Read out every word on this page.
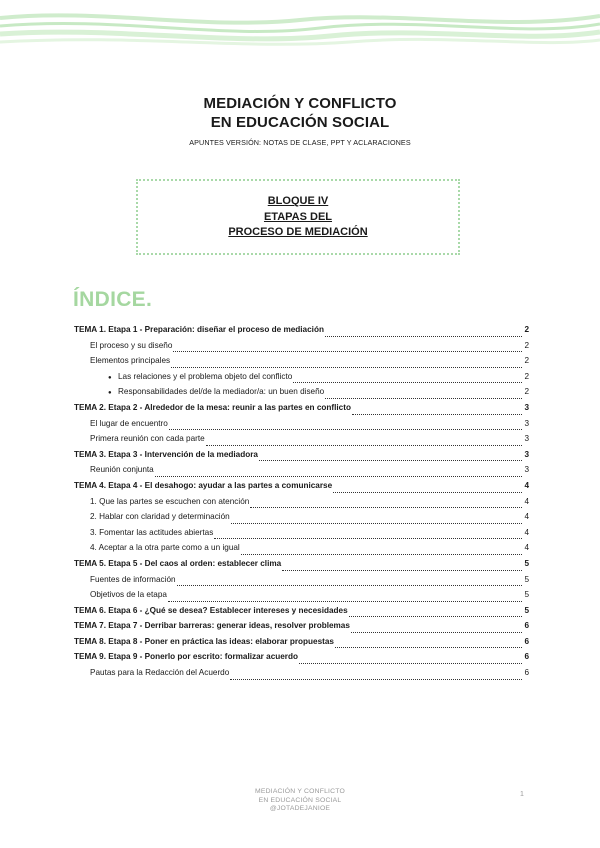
MEDIACIÓN Y CONFLICTO
EN EDUCACIÓN SOCIAL
APUNTES VERSIÓN: NOTAS DE CLASE, PPT Y ACLARACIONES
BLOQUE IV
ETAPAS DEL
PROCESO DE MEDIACIÓN
ÍNDICE.
TEMA 1. Etapa 1 - Preparación: diseñar el proceso de mediación	2
El proceso y su diseño	2
Elementos principales	2
● Las relaciones y el problema objeto del conflicto	2
● Responsabilidades del/de la mediador/a: un buen diseño	2
TEMA 2. Etapa 2 - Alrededor de la mesa: reunir a las partes en conflicto	3
El lugar de encuentro	3
Primera reunión con cada parte	3
TEMA 3. Etapa 3 - Intervención de la mediadora	3
Reunión conjunta	3
TEMA 4. Etapa 4 - El desahogo: ayudar a las partes a comunicarse	4
1. Que las partes se escuchen con atención	4
2. Hablar con claridad y determinación	4
3. Fomentar las actitudes abiertas	4
4. Aceptar a la otra parte como a un igual	4
TEMA 5. Etapa 5 - Del caos al orden: establecer clima	5
Fuentes de información	5
Objetivos de la etapa	5
TEMA 6. Etapa 6 - ¿Qué se desea? Establecer intereses y necesidades	5
TEMA 7. Etapa 7 - Derribar barreras: generar ideas, resolver problemas	6
TEMA 8. Etapa 8 - Poner en práctica las ideas: elaborar propuestas	6
TEMA 9. Etapa 9 - Ponerlo por escrito: formalizar acuerdo	6
Pautas para la Redacción del Acuerdo	6
MEDIACIÓN Y CONFLICTO
EN EDUCACIÓN SOCIAL
@JOTADEJANIOE
1
